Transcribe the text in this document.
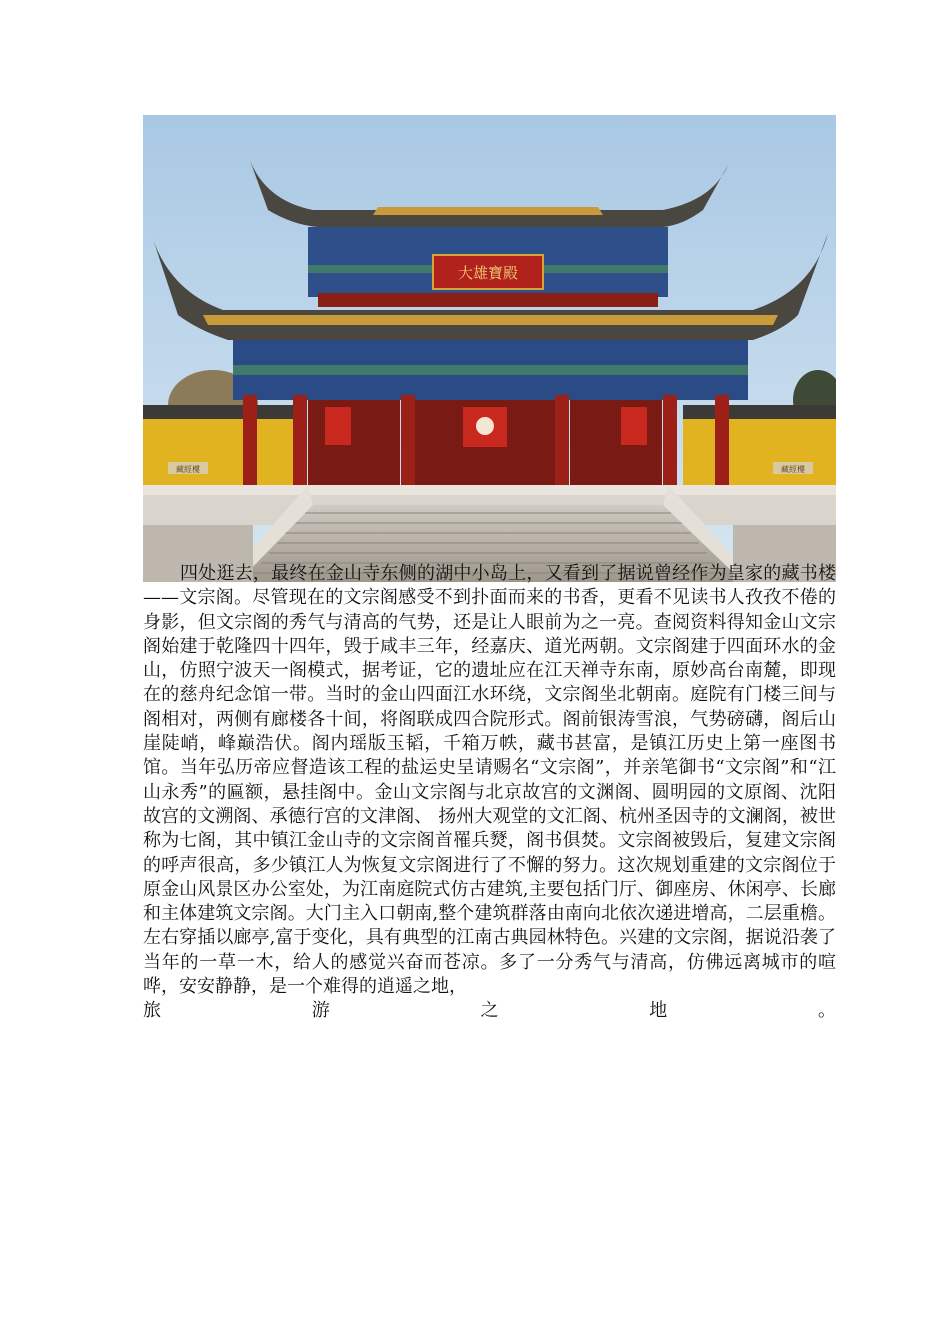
藏經樓	藏經樓
大雄寶殿

四处逛去，最终在金山寺东侧的湖中小岛上，又看到了据说曾经作为皇家的藏书楼——文宗阁。尽管现在的文宗阁感受不到扑面而来的书香，更看不见读书人孜孜不倦的身影，但文宗阁的秀气与清高的气势，还是让人眼前为之一亮。查阅资料得知金山文宗阁始建于乾隆四十四年，毁于咸丰三年，经嘉庆、道光两朝。文宗阁建于四面环水的金山，仿照宁波天一阁模式，据考证，它的遗址应在江天禅寺东南，原妙高台南麓，即现在的慈舟纪念馆一带。当时的金山四面江水环绕，文宗阁坐北朝南。庭院有门楼三间与阁相对，两侧有廊楼各十间，将阁联成四合院形式。阁前银涛雪浪，气势磅礴，阁后山崖陡峭，峰巅浩伏。阁内瑶版玉韬，千箱万帙，藏书甚富，是镇江历史上第一座图书馆。当年弘历帝应督造该工程的盐运史呈请赐名“文宗阁”，并亲笔御书“文宗阁”和“江山永秀”的匾额，悬挂阁中。金山文宗阁与北京故宫的文渊阁、圆明园的文原阁、沈阳故宫的文溯阁、承德行宫的文津阁、 扬州大观堂的文汇阁、杭州圣因寺的文澜阁，被世称为七阁，其中镇江金山寺的文宗阁首罹兵燹，阁书俱焚。文宗阁被毁后，复建文宗阁的呼声很高，多少镇江人为恢复文宗阁进行了不懈的努力。这次规划重建的文宗阁位于原金山风景区办公室处，为江南庭院式仿古建筑,主要包括门厅、御座房、休闲亭、长廊和主体建筑文宗阁。大门主入口朝南,整个建筑群落由南向北依次递进增高，二层重檐。左右穿插以廊亭,富于变化，具有典型的江南古典园林特色。兴建的文宗阁，据说沿袭了当年的一草一木，给人的感觉兴奋而苍凉。多了一分秀气与清高，仿佛远离城市的喧哗，安安静静，是一个难得的逍遥之地，

旅	游	之	地	。
